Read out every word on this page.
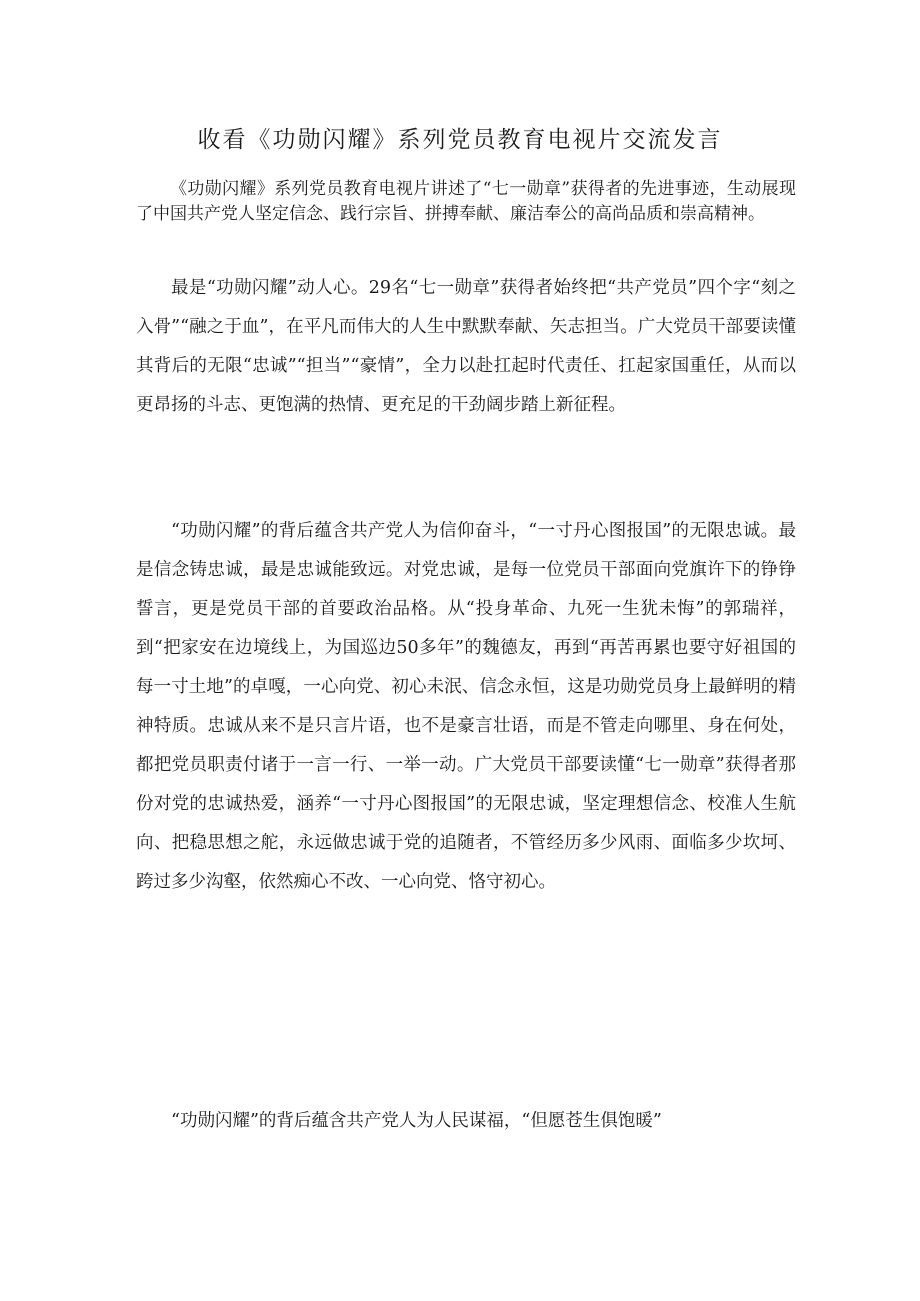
收看《功勋闪耀》系列党员教育电视片交流发言

《功勋闪耀》系列党员教育电视片讲述了“七一勋章”获得者的先进事迹，生动展现了中国共产党人坚定信念、践行宗旨、拼搏奉献、廉洁奉公的高尚品质和崇高精神。

最是“功勋闪耀”动人心。29名“七一勋章”获得者始终把“共产党员”四个字“刻之入骨”“融之于血”，在平凡而伟大的人生中默默奉献、矢志担当。广大党员干部要读懂其背后的无限“忠诚”“担当”“豪情”，全力以赴扛起时代责任、扛起家国重任，从而以更昂扬的斗志、更饱满的热情、更充足的干劲阔步踏上新征程。

“功勋闪耀”的背后蕴含共产党人为信仰奋斗，“一寸丹心图报国”的无限忠诚。最是信念铸忠诚，最是忠诚能致远。对党忠诚，是每一位党员干部面向党旗许下的铮铮誓言，更是党员干部的首要政治品格。从“投身革命、九死一生犹未悔”的郭瑞祥，到“把家安在边境线上，为国巡边50多年”的魏德友，再到“再苦再累也要守好祖国的每一寸土地”的卓嘎，一心向党、初心未泯、信念永恒，这是功勋党员身上最鲜明的精神特质。忠诚从来不是只言片语，也不是豪言壮语，而是不管走向哪里、身在何处，都把党员职责付诸于一言一行、一举一动。广大党员干部要读懂“七一勋章”获得者那份对党的忠诚热爱，涵养“一寸丹心图报国”的无限忠诚，坚定理想信念、校准人生航向、把稳思想之舵，永远做忠诚于党的追随者，不管经历多少风雨、面临多少坎坷、跨过多少沟壑，依然痴心不改、一心向党、恪守初心。

“功勋闪耀”的背后蕴含共产党人为人民谋福，“但愿苍生俱饱暖”
